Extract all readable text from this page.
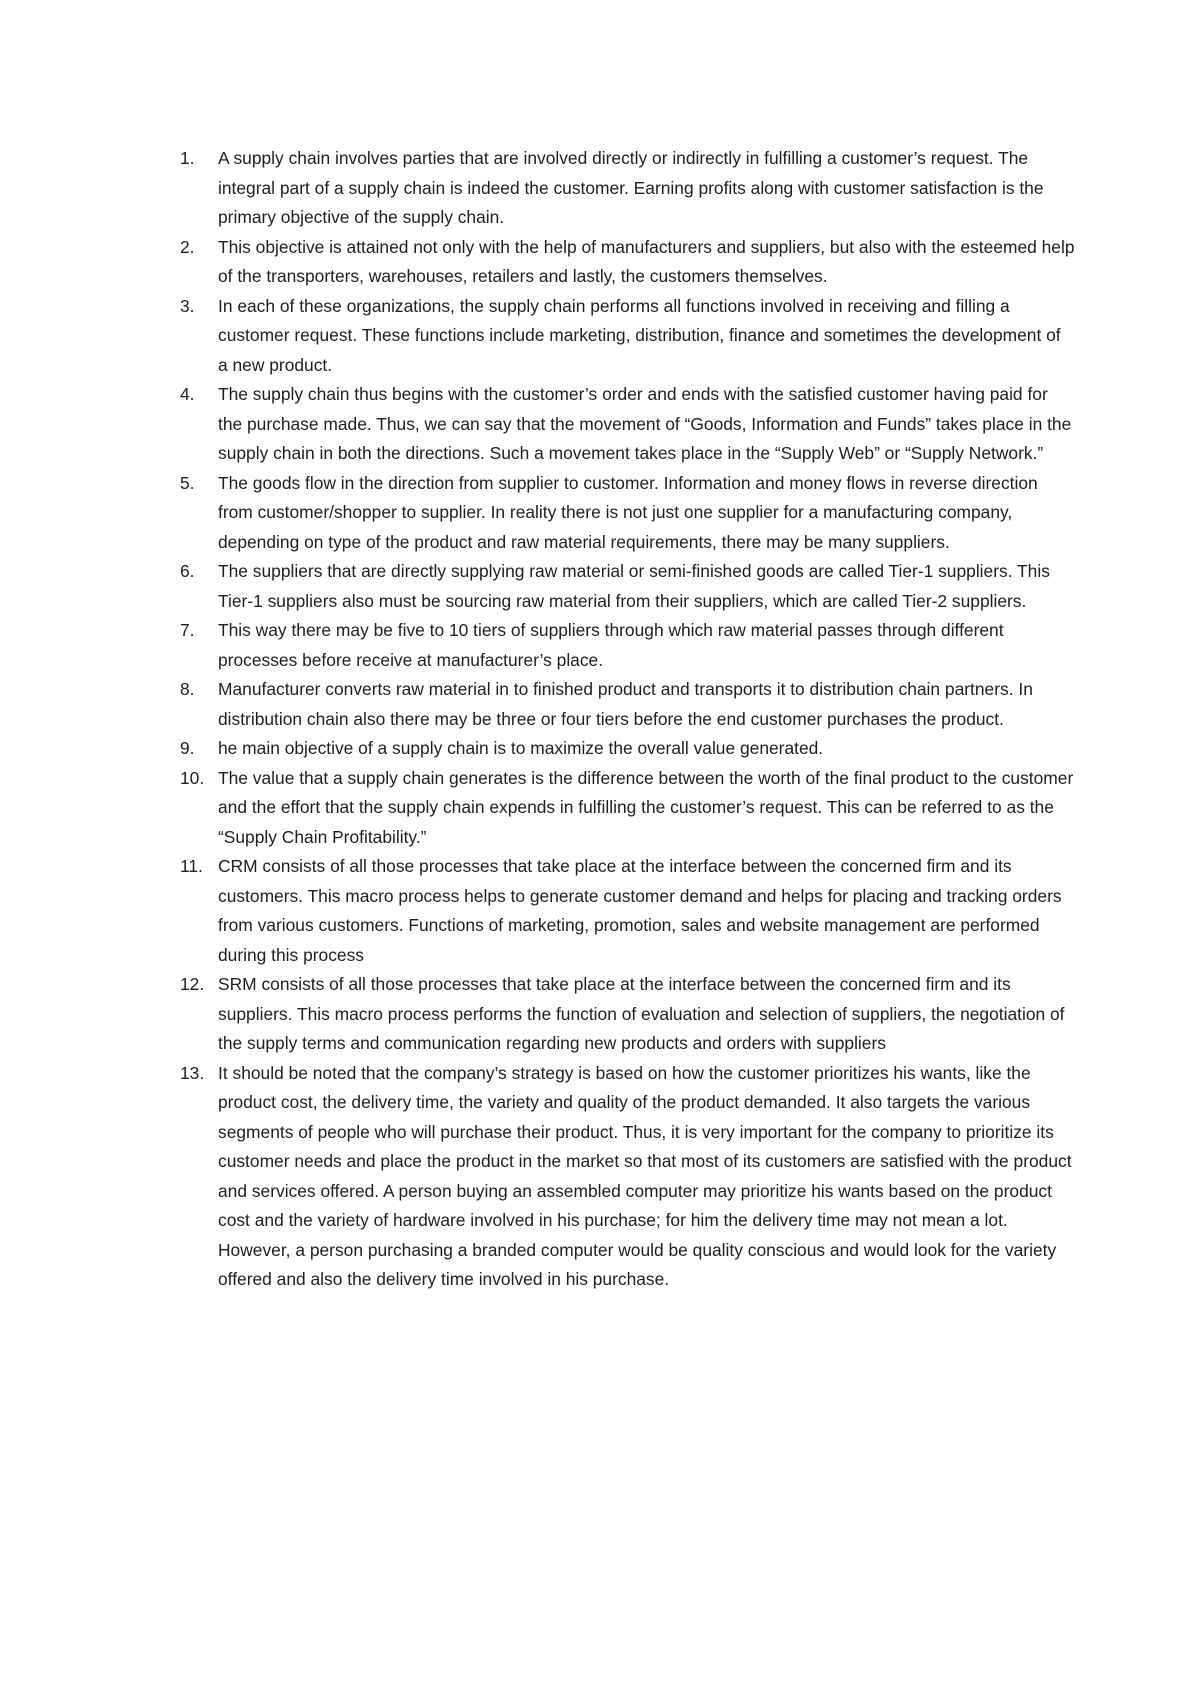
1.	A supply chain involves parties that are involved directly or indirectly in fulfilling a customer’s request. The integral part of a supply chain is indeed the customer. Earning profits along with customer satisfaction is the primary objective of the supply chain.
2.	This objective is attained not only with the help of manufacturers and suppliers, but also with the esteemed help of the transporters, warehouses, retailers and lastly, the customers themselves.
3.	In each of these organizations, the supply chain performs all functions involved in receiving and filling a customer request. These functions include marketing, distribution, finance and sometimes the development of a new product.
4.	The supply chain thus begins with the customer’s order and ends with the satisfied customer having paid for the purchase made. Thus, we can say that the movement of “Goods, Information and Funds” takes place in the supply chain in both the directions. Such a movement takes place in the “Supply Web” or “Supply Network.”
5.	The goods flow in the direction from supplier to customer. Information and money flows in reverse direction from customer/shopper to supplier. In reality there is not just one supplier for a manufacturing company, depending on type of the product and raw material requirements, there may be many suppliers.
6.	The suppliers that are directly supplying raw material or semi-finished goods are called Tier-1 suppliers. This Tier-1 suppliers also must be sourcing raw material from their suppliers, which are called Tier-2 suppliers.
7.	This way there may be five to 10 tiers of suppliers through which raw material passes through different processes before receive at manufacturer’s place.
8.	Manufacturer converts raw material in to finished product and transports it to distribution chain partners. In distribution chain also there may be three or four tiers before the end customer purchases the product.
9.	he main objective of a supply chain is to maximize the overall value generated.
10. The value that a supply chain generates is the difference between the worth of the final product to the customer and the effort that the supply chain expends in fulfilling the customer’s request. This can be referred to as the “Supply Chain Profitability.”
11. CRM consists of all those processes that take place at the interface between the concerned firm and its customers. This macro process helps to generate customer demand and helps for placing and tracking orders from various customers. Functions of marketing, promotion, sales and website management are performed during this process
12. SRM consists of all those processes that take place at the interface between the concerned firm and its suppliers. This macro process performs the function of evaluation and selection of suppliers, the negotiation of the supply terms and communication regarding new products and orders with suppliers
13. It should be noted that the company’s strategy is based on how the customer prioritizes his wants, like the product cost, the delivery time, the variety and quality of the product demanded. It also targets the various segments of people who will purchase their product. Thus, it is very important for the company to prioritize its customer needs and place the product in the market so that most of its customers are satisfied with the product and services offered. A person buying an assembled computer may prioritize his wants based on the product cost and the variety of hardware involved in his purchase; for him the delivery time may not mean a lot. However, a person purchasing a branded computer would be quality conscious and would look for the variety offered and also the delivery time involved in his purchase.
